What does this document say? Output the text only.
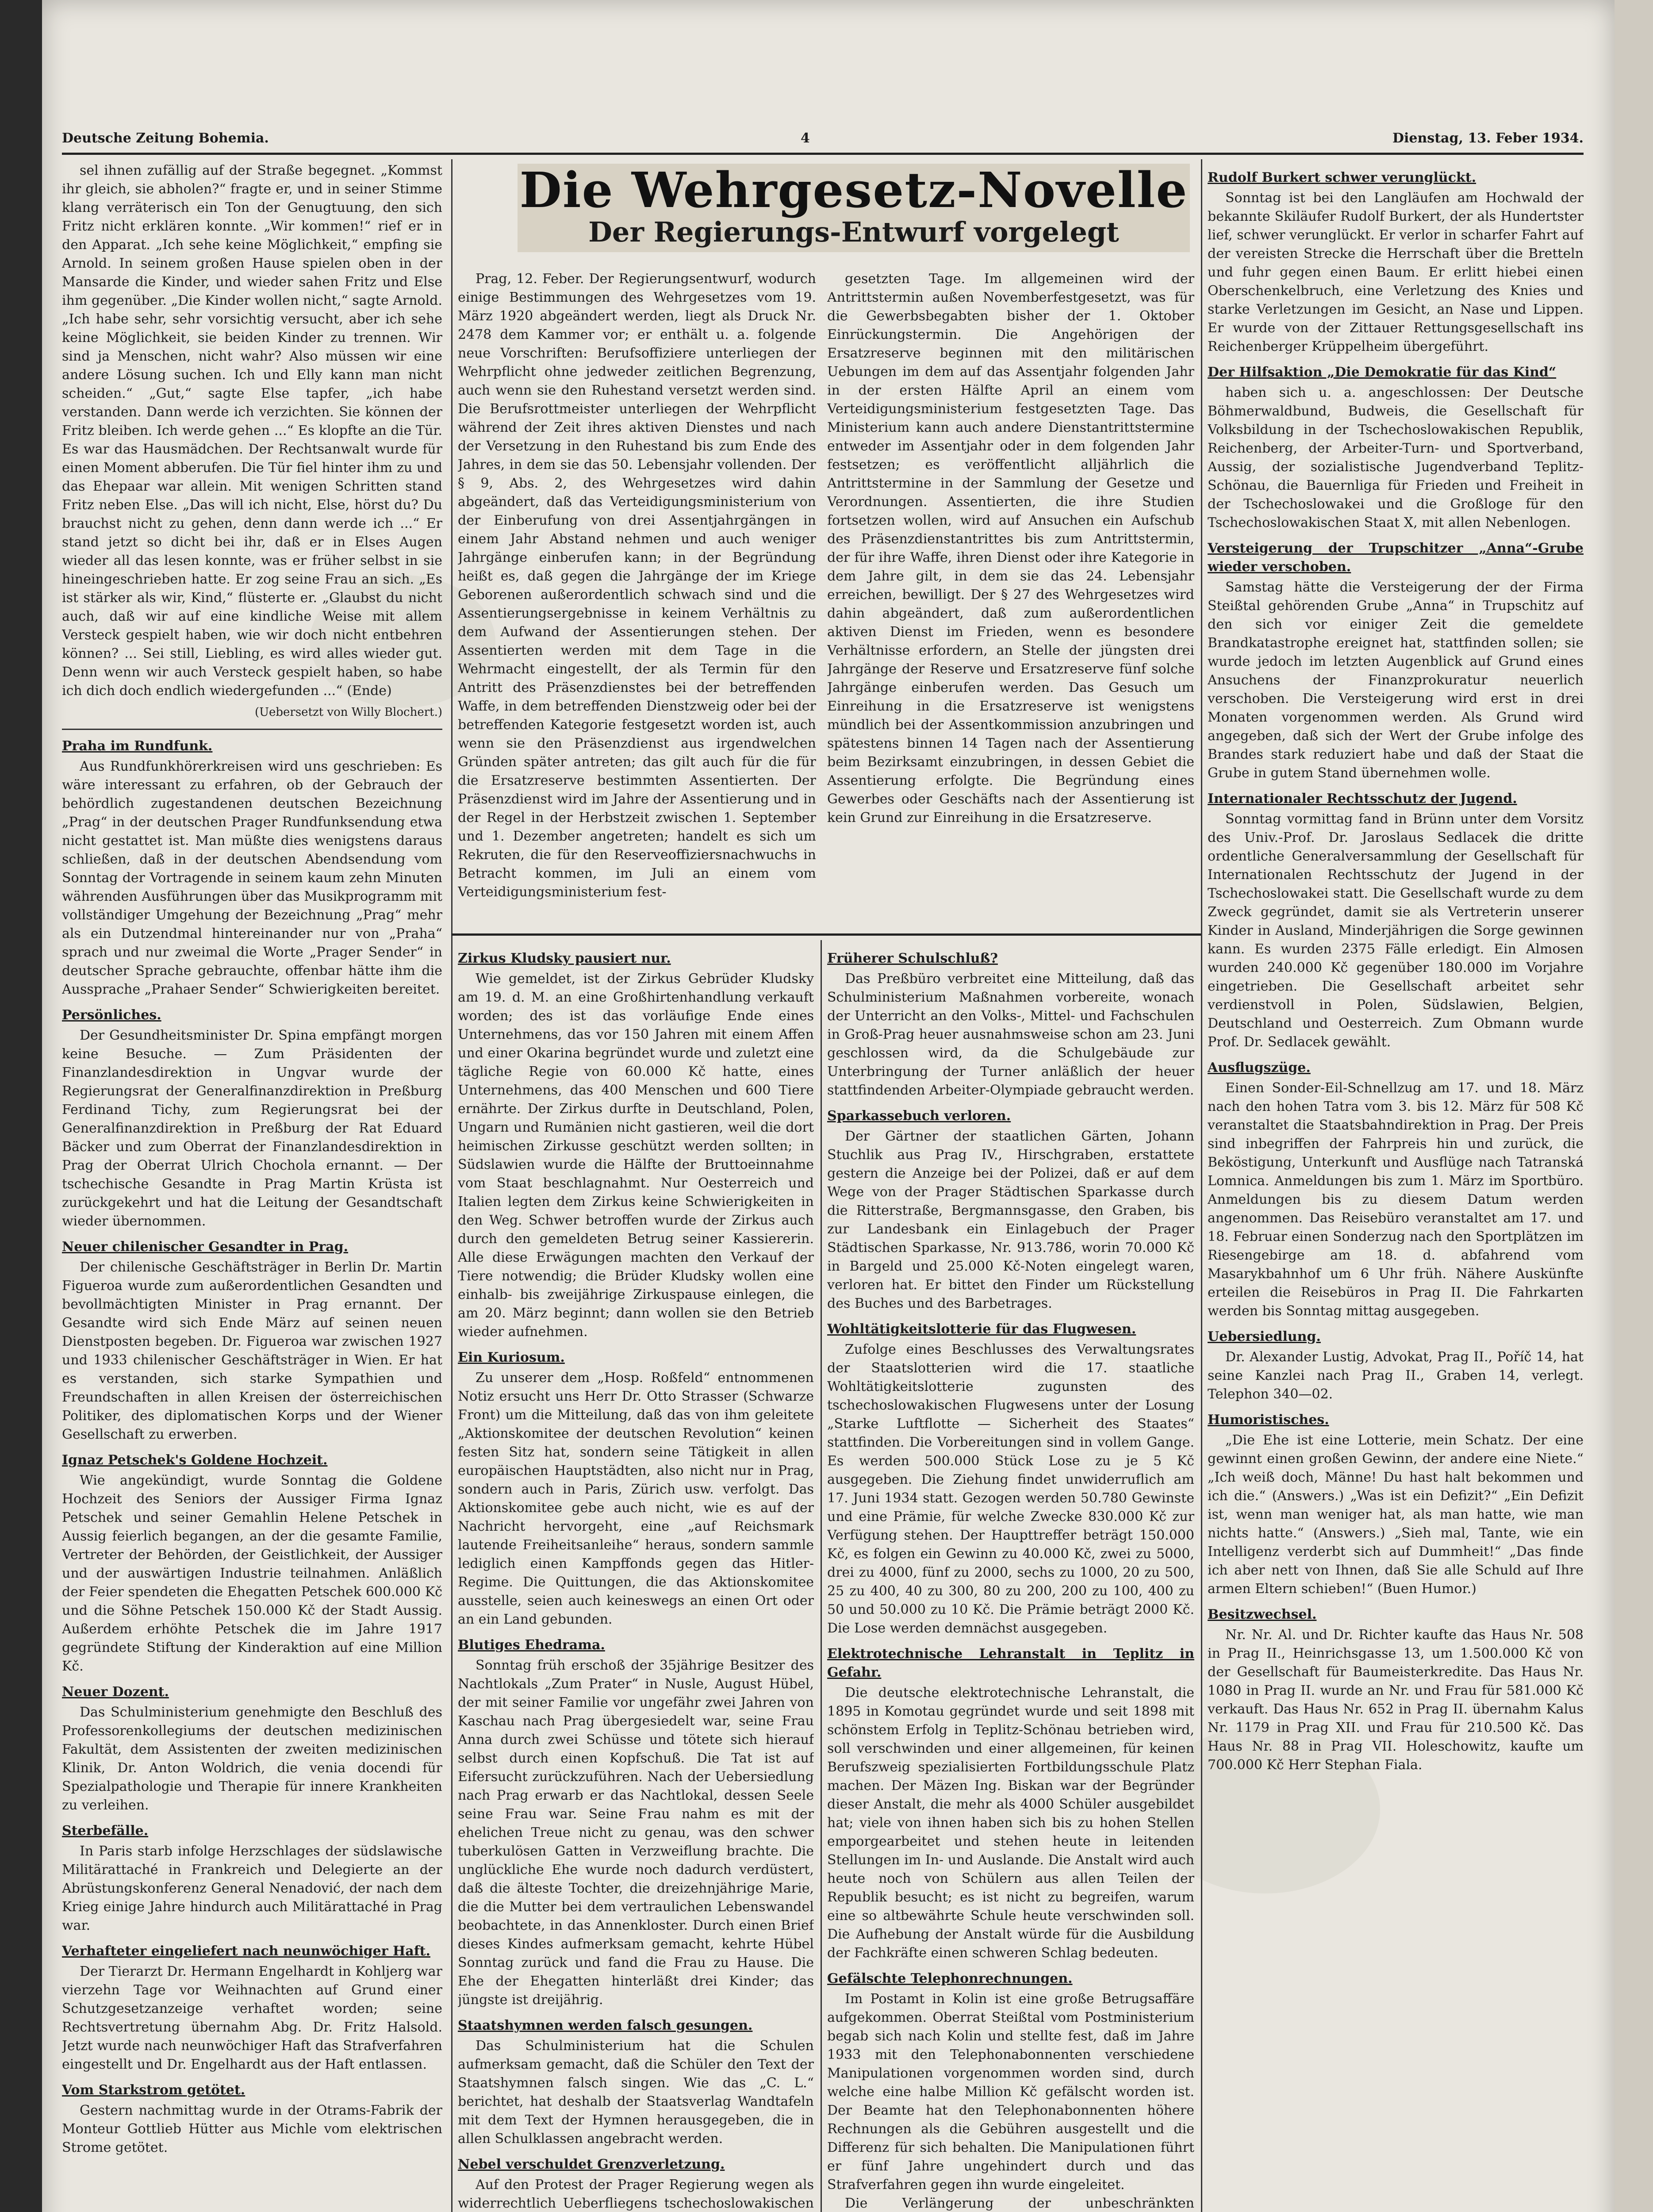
Deutsche Zeitung Bohemia.	4	Dienstag, 13. Feber 1934.

sel ihnen zufällig auf der Straße begegnet. „Kommst ihr gleich, sie abholen?“ fragte er, und in seiner Stimme klang verräterisch ein Ton der Genugtuung, den sich Fritz nicht erklären konnte. „Wir kommen!“ rief er in den Apparat. „Ich sehe keine Möglichkeit,“ empfing sie Arnold. In seinem großen Hause spielen oben in der Mansarde die Kinder, und wieder sahen Fritz und Else ihm gegenüber. „Die Kinder wollen nicht,“ sagte Arnold. „Ich habe sehr, sehr vorsichtig versucht, aber ich sehe keine Möglichkeit, sie beiden Kinder zu trennen. Wir sind ja Menschen, nicht wahr? Also müssen wir eine andere Lösung suchen. Ich und Elly kann man nicht scheiden.“ „Gut,“ sagte Else tapfer, „ich habe verstanden. Dann werde ich verzichten. Sie können der Fritz bleiben. Ich werde gehen ...“ Es klopfte an die Tür. Es war das Hausmädchen. Der Rechtsanwalt wurde für einen Moment abberufen. Die Tür fiel hinter ihm zu und das Ehepaar war allein. Mit wenigen Schritten stand Fritz neben Else. „Das will ich nicht, Else, hörst du? Du brauchst nicht zu gehen, denn dann werde ich ...“ Er stand jetzt so dicht bei ihr, daß er in Elses Augen wieder all das lesen konnte, was er früher selbst in sie hineingeschrieben hatte. Er zog seine Frau an sich. „Es ist stärker als wir, Kind,“ flüsterte er. „Glaubst du nicht auch, daß wir auf eine kindliche Weise mit allem Versteck gespielt haben, wie wir doch nicht entbehren können? ... Sei still, Liebling, es wird alles wieder gut. Denn wenn wir auch Versteck gespielt haben, so habe ich dich doch endlich wiedergefunden ...“ (Ende)

(Uebersetzt von Willy Blochert.)
Praha im Rundfunk.

Aus Rundfunkhörerkreisen wird uns geschrieben: Es wäre interessant zu erfahren, ob der Gebrauch der behördlich zugestandenen deutschen Bezeichnung „Prag“ in der deutschen Prager Rundfunksendung etwa nicht gestattet ist. Man müßte dies wenigstens daraus schließen, daß in der deutschen Abendsendung vom Sonntag der Vortragende in seinem kaum zehn Minuten währenden Ausführungen über das Musikprogramm mit vollständiger Umgehung der Bezeichnung „Prag“ mehr als ein Dutzendmal hintereinander nur von „Praha“ sprach und nur zweimal die Worte „Prager Sender“ in deutscher Sprache gebrauchte, offenbar hätte ihm die Aussprache „Prahaer Sender“ Schwierigkeiten bereitet.

Persönliches.

Der Gesundheitsminister Dr. Spina empfängt morgen keine Besuche. — Zum Präsidenten der Finanzlandesdirektion in Ungvar wurde der Regierungsrat der Generalfinanzdirektion in Preßburg Ferdinand Tichy, zum Regierungsrat bei der Generalfinanzdirektion in Preßburg der Rat Eduard Bäcker und zum Oberrat der Finanzlandesdirektion in Prag der Oberrat Ulrich Chochola ernannt. — Der tschechische Gesandte in Prag Martin Krüsta ist zurückgekehrt und hat die Leitung der Gesandtschaft wieder übernommen.

Neuer chilenischer Gesandter in Prag.

Der chilenische Geschäftsträger in Berlin Dr. Martin Figueroa wurde zum außerordentlichen Gesandten und bevollmächtigten Minister in Prag ernannt. Der Gesandte wird sich Ende März auf seinen neuen Dienstposten begeben. Dr. Figueroa war zwischen 1927 und 1933 chilenischer Geschäftsträger in Wien. Er hat es verstanden, sich starke Sympathien und Freundschaften in allen Kreisen der österreichischen Politiker, des diplomatischen Korps und der Wiener Gesellschaft zu erwerben.

Ignaz Petschek's Goldene Hochzeit.

Wie angekündigt, wurde Sonntag die Goldene Hochzeit des Seniors der Aussiger Firma Ignaz Petschek und seiner Gemahlin Helene Petschek in Aussig feierlich begangen, an der die gesamte Familie, Vertreter der Behörden, der Geistlichkeit, der Aussiger und der auswärtigen Industrie teilnahmen. Anläßlich der Feier spendeten die Ehegatten Petschek 600.000 Kč und die Söhne Petschek 150.000 Kč der Stadt Aussig. Außerdem erhöhte Petschek die im Jahre 1917 gegründete Stiftung der Kinderaktion auf eine Million Kč.

Neuer Dozent.

Das Schulministerium genehmigte den Beschluß des Professorenkollegiums der deutschen medizinischen Fakultät, dem Assistenten der zweiten medizinischen Klinik, Dr. Anton Woldrich, die venia docendi für Spezialpathologie und Therapie für innere Krankheiten zu verleihen.

Sterbefälle.

In Paris starb infolge Herzschlages der südslawische Militärattaché in Frankreich und Delegierte an der Abrüstungskonferenz General Nenadović, der nach dem Krieg einige Jahre hindurch auch Militärattaché in Prag war.

Verhafteter eingeliefert nach neunwöchiger Haft.

Der Tierarzt Dr. Hermann Engelhardt in Kohljerg war vierzehn Tage vor Weihnachten auf Grund einer Schutzgesetzanzeige verhaftet worden; seine Rechtsvertretung übernahm Abg. Dr. Fritz Halsold. Jetzt wurde nach neunwöchiger Haft das Strafverfahren eingestellt und Dr. Engelhardt aus der Haft entlassen.

Vom Starkstrom getötet.

Gestern nachmittag wurde in der Otrams-Fabrik der Monteur Gottlieb Hütter aus Michle vom elektrischen Strome getötet.

Die Wehrgesetz-Novelle
Der Regierungs-Entwurf vorgelegt

Prag, 12. Feber. Der Regierungsentwurf, wodurch einige Bestimmungen des Wehrgesetzes vom 19. März 1920 abgeändert werden, liegt als Druck Nr. 2478 dem Kammer vor; er enthält u. a. folgende neue Vorschriften: Berufsoffiziere unterliegen der Wehrpflicht ohne jedweder zeitlichen Begrenzung, auch wenn sie den Ruhestand versetzt werden sind. Die Berufsrottmeister unterliegen der Wehrpflicht während der Zeit ihres aktiven Dienstes und nach der Versetzung in den Ruhestand bis zum Ende des Jahres, in dem sie das 50. Lebensjahr vollenden. Der § 9, Abs. 2, des Wehrgesetzes wird dahin abgeändert, daß das Verteidigungsministerium von der Einberufung von drei Assentjahrgängen in einem Jahr Abstand nehmen und auch weniger Jahrgänge einberufen kann; in der Begründung heißt es, daß gegen die Jahrgänge der im Kriege Geborenen außerordentlich schwach sind und die Assentierungsergebnisse in keinem Verhältnis zu dem Aufwand der Assentierungen stehen. Der Assentierten werden mit dem Tage in die Wehrmacht eingestellt, der als Termin für den Antritt des Präsenzdienstes bei der betreffenden Waffe, in dem betreffenden Dienstzweig oder bei der betreffenden Kategorie festgesetzt worden ist, auch wenn sie den Präsenzdienst aus irgendwelchen Gründen später antreten; das gilt auch für die für die Ersatzreserve bestimmten Assentierten. Der Präsenzdienst wird im Jahre der Assentierung und in der Regel in der Herbstzeit zwischen 1. September und 1. Dezember angetreten; handelt es sich um Rekruten, die für den Reserveoffiziersnachwuchs in Betracht kommen, im Juli an einem vom Verteidigungsministerium fest-

gesetzten Tage. Im allgemeinen wird der Antrittstermin außen Novemberfestgesetzt, was für die Gewerbsbegabten bisher der 1. Oktober Einrückungstermin. Die Angehörigen der Ersatzreserve beginnen mit den militärischen Uebungen im dem auf das Assentjahr folgenden Jahr in der ersten Hälfte April an einem vom Verteidigungsministerium festgesetzten Tage. Das Ministerium kann auch andere Dienstantrittstermine entweder im Assentjahr oder in dem folgenden Jahr festsetzen; es veröffentlicht alljährlich die Antrittstermine in der Sammlung der Gesetze und Verordnungen. Assentierten, die ihre Studien fortsetzen wollen, wird auf Ansuchen ein Aufschub des Präsenzdienstantrittes bis zum Antrittstermin, der für ihre Waffe, ihren Dienst oder ihre Kategorie in dem Jahre gilt, in dem sie das 24. Lebensjahr erreichen, bewilligt. Der § 27 des Wehrgesetzes wird dahin abgeändert, daß zum außerordentlichen aktiven Dienst im Frieden, wenn es besondere Verhältnisse erfordern, an Stelle der jüngsten drei Jahrgänge der Reserve und Ersatzreserve fünf solche Jahrgänge einberufen werden. Das Gesuch um Einreihung in die Ersatzreserve ist wenigstens mündlich bei der Assentkommission anzubringen und spätestens binnen 14 Tagen nach der Assentierung beim Bezirksamt einzubringen, in dessen Gebiet die Assentierung erfolgte. Die Begründung eines Gewerbes oder Geschäfts nach der Assentierung ist kein Grund zur Einreihung in die Ersatzreserve.

Zirkus Kludsky pausiert nur.

Wie gemeldet, ist der Zirkus Gebrüder Kludsky am 19. d. M. an eine Großhirtenhandlung verkauft worden; des ist das vorläufige Ende eines Unternehmens, das vor 150 Jahren mit einem Affen und einer Okarina begründet wurde und zuletzt eine tägliche Regie von 60.000 Kč hatte, eines Unternehmens, das 400 Menschen und 600 Tiere ernährte. Der Zirkus durfte in Deutschland, Polen, Ungarn und Rumänien nicht gastieren, weil die dort heimischen Zirkusse geschützt werden sollten; in Südslawien wurde die Hälfte der Bruttoeinnahme vom Staat beschlagnahmt. Nur Oesterreich und Italien legten dem Zirkus keine Schwierigkeiten in den Weg. Schwer betroffen wurde der Zirkus auch durch den gemeldeten Betrug seiner Kassiererin. Alle diese Erwägungen machten den Verkauf der Tiere notwendig; die Brüder Kludsky wollen eine einhalb- bis zweijährige Zirkuspause einlegen, die am 20. März beginnt; dann wollen sie den Betrieb wieder aufnehmen.

Ein Kuriosum.

Zu unserer dem „Hosp. Roßfeld“ entnommenen Notiz ersucht uns Herr Dr. Otto Strasser (Schwarze Front) um die Mitteilung, daß das von ihm geleitete „Aktionskomitee der deutschen Revolution“ keinen festen Sitz hat, sondern seine Tätigkeit in allen europäischen Hauptstädten, also nicht nur in Prag, sondern auch in Paris, Zürich usw. verfolgt. Das Aktionskomitee gebe auch nicht, wie es auf der Nachricht hervorgeht, eine „auf Reichsmark lautende Freiheitsanleihe“ heraus, sondern sammle lediglich einen Kampffonds gegen das Hitler-Regime. Die Quittungen, die das Aktionskomitee ausstelle, seien auch keineswegs an einen Ort oder an ein Land gebunden.

Blutiges Ehedrama.

Sonntag früh erschoß der 35jährige Besitzer des Nachtlokals „Zum Prater“ in Nusle, August Hübel, der mit seiner Familie vor ungefähr zwei Jahren von Kaschau nach Prag übergesiedelt war, seine Frau Anna durch zwei Schüsse und tötete sich hierauf selbst durch einen Kopfschuß. Die Tat ist auf Eifersucht zurückzuführen. Nach der Uebersiedlung nach Prag erwarb er das Nachtlokal, dessen Seele seine Frau war. Seine Frau nahm es mit der ehelichen Treue nicht zu genau, was den schwer tuberkulösen Gatten in Verzweiflung brachte. Die unglückliche Ehe wurde noch dadurch verdüstert, daß die älteste Tochter, die dreizehnjährige Marie, die die Mutter bei dem vertraulichen Lebenswandel beobachtete, in das Annenkloster. Durch einen Brief dieses Kindes aufmerksam gemacht, kehrte Hübel Sonntag zurück und fand die Frau zu Hause. Die Ehe der Ehegatten hinterläßt drei Kinder; das jüngste ist dreijährig.

Staatshymnen werden falsch gesungen.

Das Schulministerium hat die Schulen aufmerksam gemacht, daß die Schüler den Text der Staatshymnen falsch singen. Wie das „C. L.“ berichtet, hat deshalb der Staatsverlag Wandtafeln mit dem Text der Hymnen herausgegeben, die in allen Schulklassen angebracht werden.

Nebel verschuldet Grenzverletzung.

Auf den Protest der Prager Regierung wegen als widerrechtlich Ueberfliegens tschechoslowakischen

Früherer Schulschluß?

Das Preßbüro verbreitet eine Mitteilung, daß das Schulministerium Maßnahmen vorbereite, wonach der Unterricht an den Volks-, Mittel- und Fachschulen in Groß-Prag heuer ausnahmsweise schon am 23. Juni geschlossen wird, da die Schulgebäude zur Unterbringung der Turner anläßlich der heuer stattfindenden Arbeiter-Olympiade gebraucht werden.

Sparkassebuch verloren.

Der Gärtner der staatlichen Gärten, Johann Stuchlik aus Prag IV., Hirschgraben, erstattete gestern die Anzeige bei der Polizei, daß er auf dem Wege von der Prager Städtischen Sparkasse durch die Ritterstraße, Bergmannsgasse, den Graben, bis zur Landesbank ein Einlagebuch der Prager Städtischen Sparkasse, Nr. 913.786, worin 70.000 Kč in Bargeld und 25.000 Kč-Noten eingelegt waren, verloren hat. Er bittet den Finder um Rückstellung des Buches und des Barbetrages.

Wohltätigkeitslotterie für das Flugwesen.

Zufolge eines Beschlusses des Verwaltungsrates der Staatslotterien wird die 17. staatliche Wohltätigkeitslotterie zugunsten des tschechoslowakischen Flugwesens unter der Losung „Starke Luftflotte — Sicherheit des Staates“ stattfinden. Die Vorbereitungen sind in vollem Gange. Es werden 500.000 Stück Lose zu je 5 Kč ausgegeben. Die Ziehung findet unwiderruflich am 17. Juni 1934 statt. Gezogen werden 50.780 Gewinste und eine Prämie, für welche Zwecke 830.000 Kč zur Verfügung stehen. Der Haupttreffer beträgt 150.000 Kč, es folgen ein Gewinn zu 40.000 Kč, zwei zu 5000, drei zu 4000, fünf zu 2000, sechs zu 1000, 20 zu 500, 25 zu 400, 40 zu 300, 80 zu 200, 200 zu 100, 400 zu 50 und 50.000 zu 10 Kč. Die Prämie beträgt 2000 Kč. Die Lose werden demnächst ausgegeben.

Elektrotechnische Lehranstalt in Teplitz in Gefahr.

Die deutsche elektrotechnische Lehranstalt, die 1895 in Komotau gegründet wurde und seit 1898 mit schönstem Erfolg in Teplitz-Schönau betrieben wird, soll verschwinden und einer allgemeinen, für keinen Berufszweig spezialisierten Fortbildungsschule Platz machen. Der Mäzen Ing. Biskan war der Begründer dieser Anstalt, die mehr als 4000 Schüler ausgebildet hat; viele von ihnen haben sich bis zu hohen Stellen emporgearbeitet und stehen heute in leitenden Stellungen im In- und Auslande. Die Anstalt wird auch heute noch von Schülern aus allen Teilen der Republik besucht; es ist nicht zu begreifen, warum eine so altbewährte Schule heute verschwinden soll. Die Aufhebung der Anstalt würde für die Ausbildung der Fachkräfte einen schweren Schlag bedeuten.

Gefälschte Telephonrechnungen.

Im Postamt in Kolin ist eine große Betrugsaffäre aufgekommen. Oberrat Steißtal vom Postministerium begab sich nach Kolin und stellte fest, daß im Jahre 1933 mit den Telephonabonnenten verschiedene Manipulationen vorgenommen worden sind, durch welche eine halbe Million Kč gefälscht worden ist. Der Beamte hat den Telephonabonnenten höhere Rechnungen als die Gebühren ausgestellt und die Differenz für sich behalten. Die Manipulationen führt er fünf Jahre ungehindert durch und das Strafverfahren gegen ihn wurde eingeleitet.

Die Verlängerung der unbeschränkten

Rudolf Burkert schwer verunglückt.

Sonntag ist bei den Langläufen am Hochwald der bekannte Skiläufer Rudolf Burkert, der als Hundertster lief, schwer verunglückt. Er verlor in scharfer Fahrt auf der vereisten Strecke die Herrschaft über die Bretteln und fuhr gegen einen Baum. Er erlitt hiebei einen Oberschenkelbruch, eine Verletzung des Knies und starke Verletzungen im Gesicht, an Nase und Lippen. Er wurde von der Zittauer Rettungsgesellschaft ins Reichenberger Krüppelheim übergeführt.

Der Hilfsaktion „Die Demokratie für das Kind“

haben sich u. a. angeschlossen: Der Deutsche Böhmerwaldbund, Budweis, die Gesellschaft für Volksbildung in der Tschechoslowakischen Republik, Reichenberg, der Arbeiter-Turn- und Sportverband, Aussig, der sozialistische Jugendverband Teplitz-Schönau, die Bauernliga für Frieden und Freiheit in der Tschechoslowakei und die Großloge für den Tschechoslowakischen Staat X, mit allen Nebenlogen.

Versteigerung der Trupschitzer „Anna“-Grube wieder verschoben.

Samstag hätte die Versteigerung der der Firma Steißtal gehörenden Grube „Anna“ in Trupschitz auf den sich vor einiger Zeit die gemeldete Brandkatastrophe ereignet hat, stattfinden sollen; sie wurde jedoch im letzten Augenblick auf Grund eines Ansuchens der Finanzprokuratur neuerlich verschoben. Die Versteigerung wird erst in drei Monaten vorgenommen werden. Als Grund wird angegeben, daß sich der Wert der Grube infolge des Brandes stark reduziert habe und daß der Staat die Grube in gutem Stand übernehmen wolle.

Internationaler Rechtsschutz der Jugend.

Sonntag vormittag fand in Brünn unter dem Vorsitz des Univ.-Prof. Dr. Jaroslaus Sedlacek die dritte ordentliche Generalversammlung der Gesellschaft für Internationalen Rechtsschutz der Jugend in der Tschechoslowakei statt. Die Gesellschaft wurde zu dem Zweck gegründet, damit sie als Vertreterin unserer Kinder in Ausland, Minderjährigen die Sorge gewinnen kann. Es wurden 2375 Fälle erledigt. Ein Almosen wurden 240.000 Kč gegenüber 180.000 im Vorjahre eingetrieben. Die Gesellschaft arbeitet sehr verdienstvoll in Polen, Südslawien, Belgien, Deutschland und Oesterreich. Zum Obmann wurde Prof. Dr. Sedlacek gewählt.

Ausflugszüge.

Einen Sonder-Eil-Schnellzug am 17. und 18. März nach den hohen Tatra vom 3. bis 12. März für 508 Kč veranstaltet die Staatsbahndirektion in Prag. Der Preis sind inbegriffen der Fahrpreis hin und zurück, die Beköstigung, Unterkunft und Ausflüge nach Tatranská Lomnica. Anmeldungen bis zum 1. März im Sportbüro. Anmeldungen bis zu diesem Datum werden angenommen. Das Reisebüro veranstaltet am 17. und 18. Februar einen Sonderzug nach den Sportplätzen im Riesengebirge am 18. d. abfahrend vom Masarykbahnhof um 6 Uhr früh. Nähere Auskünfte erteilen die Reisebüros in Prag II. Die Fahrkarten werden bis Sonntag mittag ausgegeben.

Uebersiedlung.

Dr. Alexander Lustig, Advokat, Prag II., Poříč 14, hat seine Kanzlei nach Prag II., Graben 14, verlegt. Telephon 340—02.

Humoristisches.

„Die Ehe ist eine Lotterie, mein Schatz. Der eine gewinnt einen großen Gewinn, der andere eine Niete.“ „Ich weiß doch, Männe! Du hast halt bekommen und ich die.“ (Answers.) „Was ist ein Defizit?“ „Ein Defizit ist, wenn man weniger hat, als man hatte, wie man nichts hatte.“ (Answers.) „Sieh mal, Tante, wie ein Intelligenz verderbt sich auf Dummheit!“ „Das finde ich aber nett von Ihnen, daß Sie alle Schuld auf Ihre armen Eltern schieben!“ (Buen Humor.)

Besitzwechsel.

Nr. Nr. Al. und Dr. Richter kaufte das Haus Nr. 508 in Prag II., Heinrichsgasse 13, um 1.500.000 Kč von der Gesellschaft für Baumeisterkredite. Das Haus Nr. 1080 in Prag II. wurde an Nr. und Frau für 581.000 Kč verkauft. Das Haus Nr. 652 in Prag II. übernahm Kalus Nr. 1179 in Prag XII. und Frau für 210.500 Kč. Das Haus Nr. 88 in Prag VII. Holeschowitz, kaufte um 700.000 Kč Herr Stephan Fiala.
